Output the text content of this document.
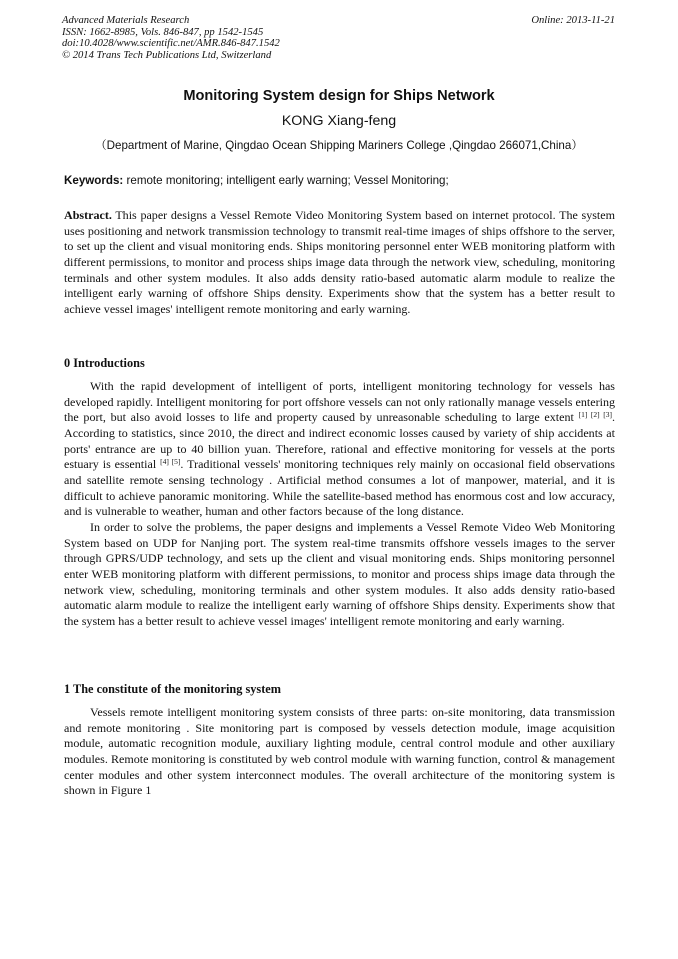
Advanced Materials Research
ISSN: 1662-8985, Vols. 846-847, pp 1542-1545
doi:10.4028/www.scientific.net/AMR.846-847.1542
© 2014 Trans Tech Publications Ltd, Switzerland
Online: 2013-11-21
Monitoring System design for Ships Network
KONG Xiang-feng
（Department of Marine, Qingdao Ocean Shipping Mariners College ,Qingdao 266071,China）
Keywords: remote monitoring; intelligent early warning; Vessel Monitoring;

Abstract. This paper designs a Vessel Remote Video Monitoring System based on internet protocol. The system uses positioning and network transmission technology to transmit real-time images of ships offshore to the server, to set up the client and visual monitoring ends. Ships monitoring personnel enter WEB monitoring platform with different permissions, to monitor and process ships image data through the network view, scheduling, monitoring terminals and other system modules. It also adds density ratio-based automatic alarm module to realize the intelligent early warning of offshore Ships density. Experiments show that the system has a better result to achieve vessel images' intelligent remote monitoring and early warning.

0 Introductions

With the rapid development of intelligent of ports, intelligent monitoring technology for vessels has developed rapidly. Intelligent monitoring for port offshore vessels can not only rationally manage vessels entering the port, but also avoid losses to life and property caused by unreasonable scheduling to large extent [1] [2] [3]. According to statistics, since 2010, the direct and indirect economic losses caused by variety of ship accidents at ports' entrance are up to 40 billion yuan. Therefore, rational and effective monitoring for vessels at the ports estuary is essential [4] [5]. Traditional vessels' monitoring techniques rely mainly on occasional field observations and satellite remote sensing technology . Artificial method consumes a lot of manpower, material, and it is difficult to achieve panoramic monitoring. While the satellite-based method has enormous cost and low accuracy, and is vulnerable to weather, human and other factors because of the long distance.

In order to solve the problems, the paper designs and implements a Vessel Remote Video Web Monitoring System based on UDP for Nanjing port. The system real-time transmits offshore vessels images to the server through GPRS/UDP technology, and sets up the client and visual monitoring ends. Ships monitoring personnel enter WEB monitoring platform with different permissions, to monitor and process ships image data through the network view, scheduling, monitoring terminals and other system modules. It also adds density ratio-based automatic alarm module to realize the intelligent early warning of offshore Ships density. Experiments show that the system has a better result to achieve vessel images' intelligent remote monitoring and early warning.

1 The constitute of the monitoring system

Vessels remote intelligent monitoring system consists of three parts: on-site monitoring, data transmission and remote monitoring . Site monitoring part is composed by vessels detection module, image acquisition module, automatic recognition module, auxiliary lighting module, central control module and other auxiliary modules. Remote monitoring is constituted by web control module with warning function, control & management center modules and other system interconnect modules. The overall architecture of the monitoring system is shown in Figure 1
